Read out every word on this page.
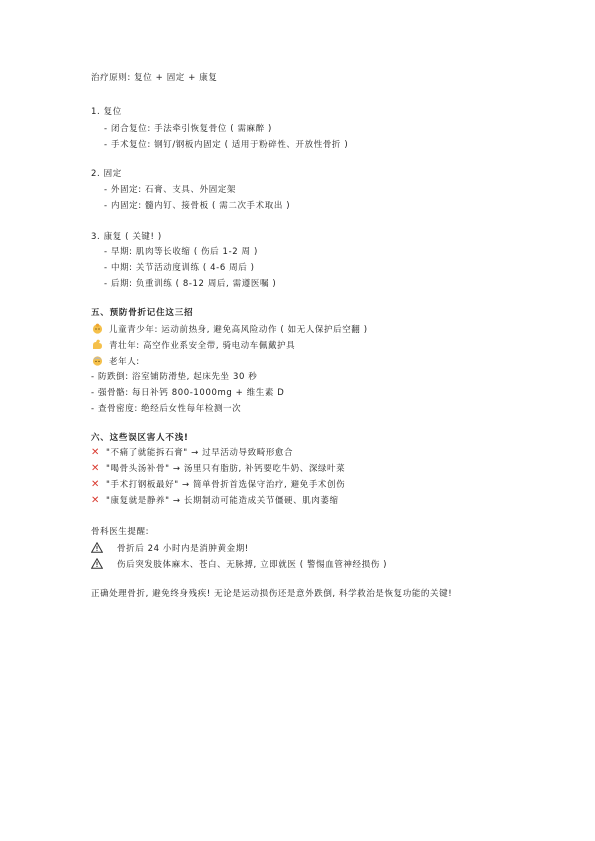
治疗原则: 复位 + 固定 + 康复
1. 复位
- 闭合复位: 手法牵引恢复骨位 ( 需麻醉 )
- 手术复位: 钢钉/钢板内固定 ( 适用于粉碎性、开放性骨折 )
2. 固定
- 外固定: 石膏、支具、外固定架
- 内固定: 髓内钉、接骨板 ( 需二次手术取出 )
3. 康复 ( 关键! )
- 早期: 肌肉等长收缩 ( 伤后 1-2 周 )
- 中期: 关节活动度训练 ( 4-6 周后 )
- 后期: 负重训练 ( 8-12 周后, 需遵医嘱 )
五、预防骨折记住这三招
儿童青少年: 运动前热身, 避免高风险动作 ( 如无人保护后空翻 )
青壮年: 高空作业系安全带, 骑电动车佩戴护具
老年人:
- 防跌倒: 浴室铺防滑垫, 起床先坐 30 秒
- 强骨骼: 每日补钙 800-1000mg + 维生素 D
- 查骨密度: 绝经后女性每年检测一次
六、这些误区害人不浅!
✕ "不痛了就能拆石膏" → 过早活动导致畸形愈合
✕ "喝骨头汤补骨" → 汤里只有脂肪, 补钙要吃牛奶、深绿叶菜
✕ "手术打钢板最好" → 简单骨折首选保守治疗, 避免手术创伤
✕ "康复就是静养" → 长期制动可能造成关节僵硬、肌肉萎缩
骨科医生提醒:
骨折后 24 小时内是消肿黄金期!
伤后突发肢体麻木、苍白、无脉搏, 立即就医 ( 警惕血管神经损伤 )
正确处理骨折, 避免终身残疾! 无论是运动损伤还是意外跌倒, 科学救治是恢复功能的关键!
